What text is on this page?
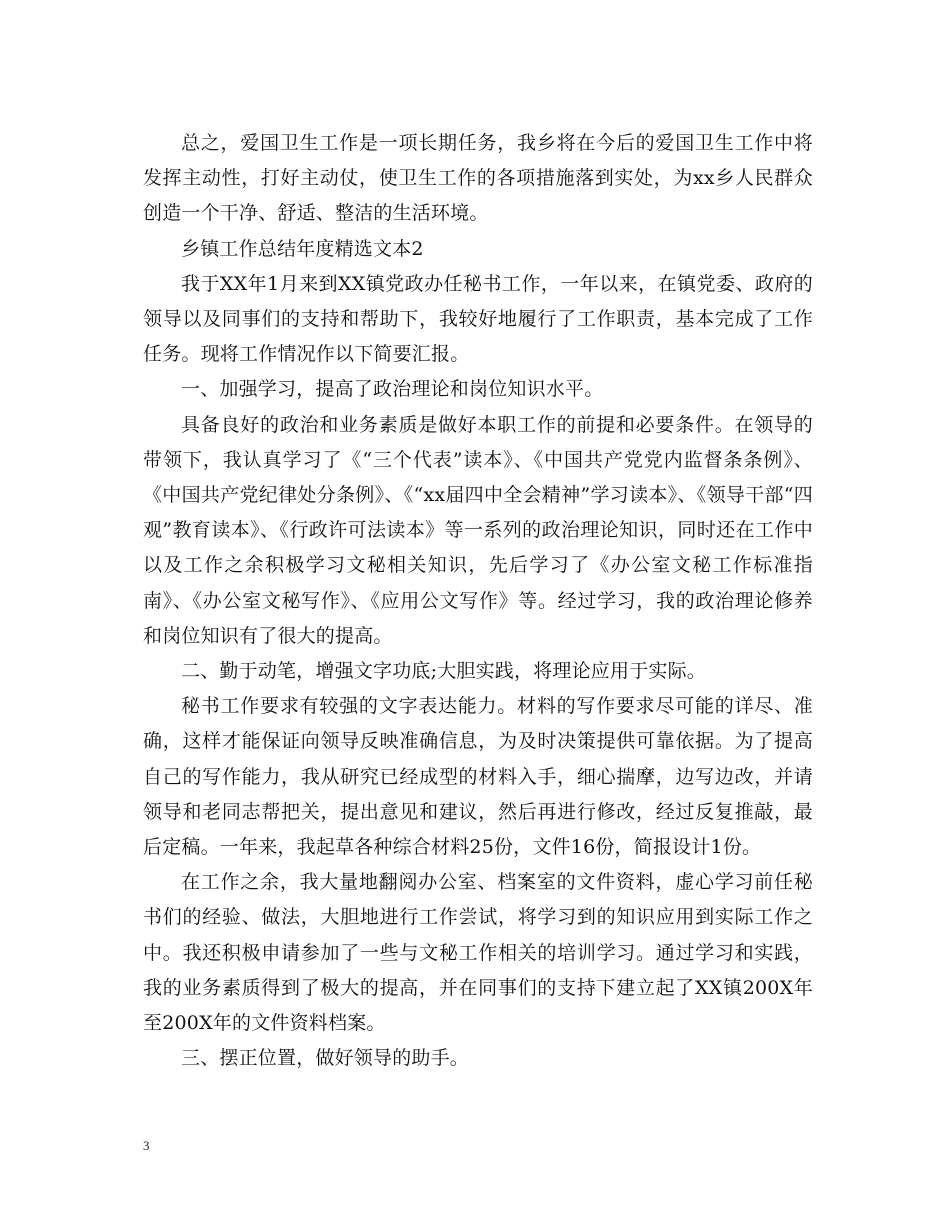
总之，爱国卫生工作是一项长期任务，我乡将在今后的爱国卫生工作中将发挥主动性，打好主动仗，使卫生工作的各项措施落到实处，为xx乡人民群众创造一个干净、舒适、整洁的生活环境。

乡镇工作总结年度精选文本2

我于XX年1月来到XX镇党政办任秘书工作，一年以来，在镇党委、政府的领导以及同事们的支持和帮助下，我较好地履行了工作职责，基本完成了工作任务。现将工作情况作以下简要汇报。

一、加强学习，提高了政治理论和岗位知识水平。

具备良好的政治和业务素质是做好本职工作的前提和必要条件。在领导的带领下，我认真学习了《“三个代表”读本》、《中国共产党党内监督条条例》、《中国共产党纪律处分条例》、《“xx届四中全会精神”学习读本》、《领导干部“四观”教育读本》、《行政许可法读本》等一系列的政治理论知识，同时还在工作中以及工作之余积极学习文秘相关知识，先后学习了《办公室文秘工作标准指南》、《办公室文秘写作》、《应用公文写作》等。经过学习，我的政治理论修养和岗位知识有了很大的提高。

二、勤于动笔，增强文字功底;大胆实践，将理论应用于实际。

秘书工作要求有较强的文字表达能力。材料的写作要求尽可能的详尽、准确，这样才能保证向领导反映准确信息，为及时决策提供可靠依据。为了提高自己的写作能力，我从研究已经成型的材料入手，细心揣摩，边写边改，并请领导和老同志帮把关，提出意见和建议，然后再进行修改，经过反复推敲，最后定稿。一年来，我起草各种综合材料25份，文件16份，简报设计1份。

在工作之余，我大量地翻阅办公室、档案室的文件资料，虚心学习前任秘书们的经验、做法，大胆地进行工作尝试，将学习到的知识应用到实际工作之中。我还积极申请参加了一些与文秘工作相关的培训学习。通过学习和实践，我的业务素质得到了极大的提高，并在同事们的支持下建立起了XX镇200X年至200X年的文件资料档案。

三、摆正位置，做好领导的助手。

3
